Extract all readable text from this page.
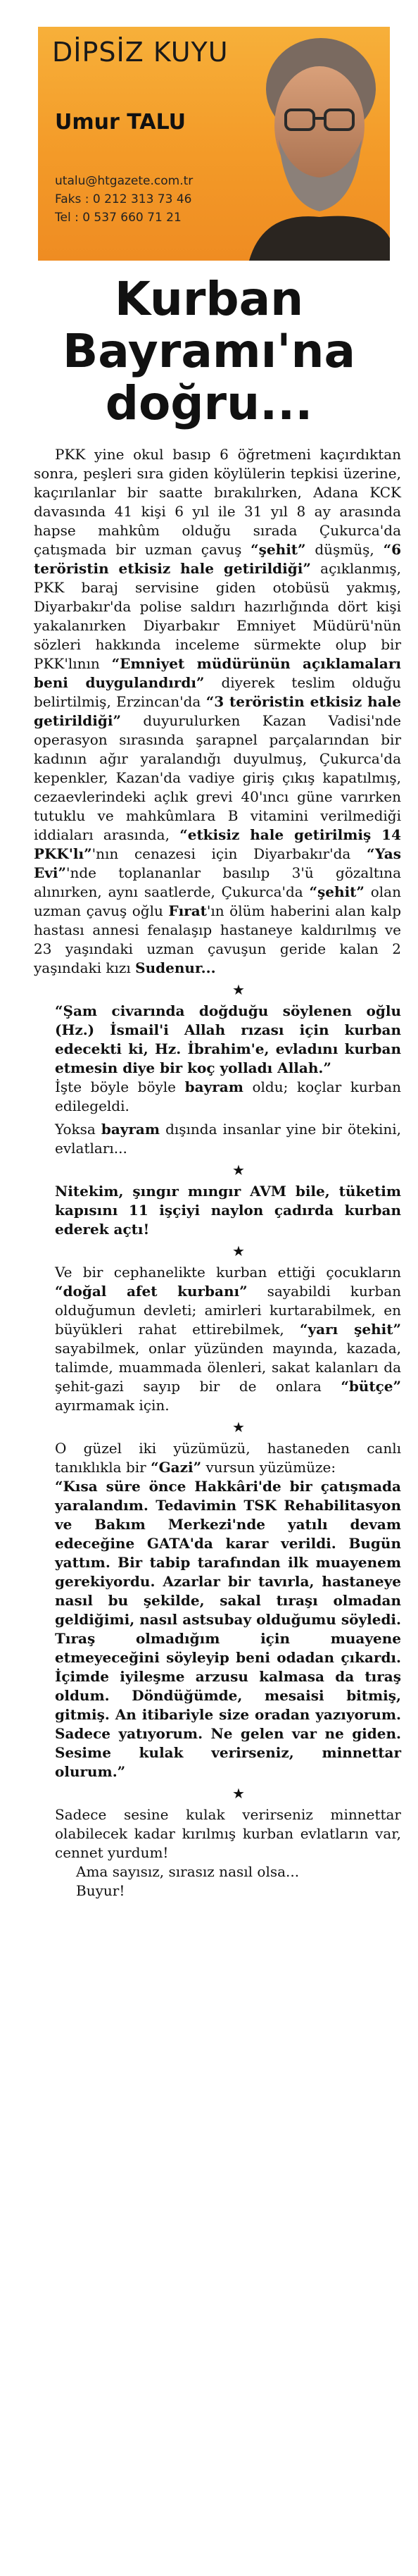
DİPSİZ KUYU
Umur TALU
utalu@htgazete.com.tr
Faks : 0 212 313 73 46
Tel : 0 537 660 71 21
Kurban
Bayramı'na
doğru...

PKK yine okul basıp 6 öğretmeni kaçırdıktan sonra, peşleri sıra giden köylülerin tepkisi üzerine, kaçırılanlar bir saatte bırakılırken, Adana KCK davasında 41 kişi 6 yıl ile 31 yıl 8 ay arasında hapse mahkûm olduğu sırada Çukurca'da çatışmada bir uzman çavuş “şehit” düşmüş, “6 teröristin etkisiz hale getirildiği” açıklanmış, PKK baraj servisine giden otobüsü yakmış, Diyarbakır'da polise saldırı hazırlığında dört kişi yakalanırken Diyarbakır Emniyet Müdürü'nün sözleri hakkında inceleme sürmekte olup bir PKK'lının “Emniyet müdürünün açıklamaları beni duygulandırdı” diyerek teslim olduğu belirtilmiş, Erzincan'da “3 teröristin etkisiz hale getirildiği” duyurulurken Kazan Vadisi'nde operasyon sırasında şarapnel parçalarından bir kadının ağır yaralandığı duyulmuş, Çukurca'da kepenkler, Kazan'da vadiye giriş çıkış kapatılmış, cezaevlerindeki açlık grevi 40'ıncı güne varırken tutuklu ve mahkûmlara B vitamini verilmediği iddiaları arasında, “etkisiz hale getirilmiş 14 PKK'lı”'nın cenazesi için Diyarbakır'da “Yas Evi”'nde toplananlar basılıp 3'ü gözaltına alınırken, aynı saatlerde, Çukurca'da “şehit” olan uzman çavuş oğlu Fırat'ın ölüm haberini alan kalp hastası annesi fenalaşıp hastaneye kaldırılmış ve 23 yaşındaki uzman çavuşun geride kalan 2 yaşındaki kızı Sudenur...

★

“Şam civarında doğduğu söylenen oğlu (Hz.) İsmail'i Allah rızası için kurban edecekti ki, Hz. İbrahim'e, evladını kurban etmesin diye bir koç yolladı Allah.”

İşte böyle böyle bayram oldu; koçlar kurban edilegeldi.

Yoksa bayram dışında insanlar yine bir ötekini, evlatları...

★

Nitekim, şıngır mıngır AVM bile, tüketim kapısını 11 işçiyi naylon çadırda kurban ederek açtı!

★

Ve bir cephanelikte kurban ettiği çocukların “doğal afet kurbanı” sayabildi kurban olduğumun devleti; amirleri kurtarabilmek, en büyükleri rahat ettirebilmek, “yarı şehit” sayabilmek, onlar yüzünden mayında, kazada, talimde, muammada ölenleri, sakat kalanları da şehit-gazi sayıp bir de onlara “bütçe” ayırmamak için.

★

O güzel iki yüzümüzü, hastaneden canlı tanıklıkla bir “Gazi” vursun yüzümüze:

“Kısa süre önce Hakkâri'de bir çatışmada yaralandım. Tedavimin TSK Rehabilitasyon ve Bakım Merkezi'nde yatılı devam edeceğine GATA'da karar verildi. Bugün yattım. Bir tabip tarafından ilk muayenem gerekiyordu. Azarlar bir tavırla, hastaneye nasıl bu şekilde, sakal tıraşı olmadan geldiğimi, nasıl astsubay olduğumu söyledi. Tıraş olmadığım için muayene etmeyeceğini söyleyip beni odadan çıkardı. İçimde iyileşme arzusu kalmasa da tıraş oldum. Döndüğümde, mesaisi bitmiş, gitmiş. An itibariyle size oradan yazıyorum. Sadece yatıyorum. Ne gelen var ne giden. Sesime kulak verirseniz, minnettar olurum.”

★

Sadece sesine kulak verirseniz minnettar olabilecek kadar kırılmış kurban evlatların var, cennet yurdum!

Ama sayısız, sırasız nasıl olsa...

Buyur!
